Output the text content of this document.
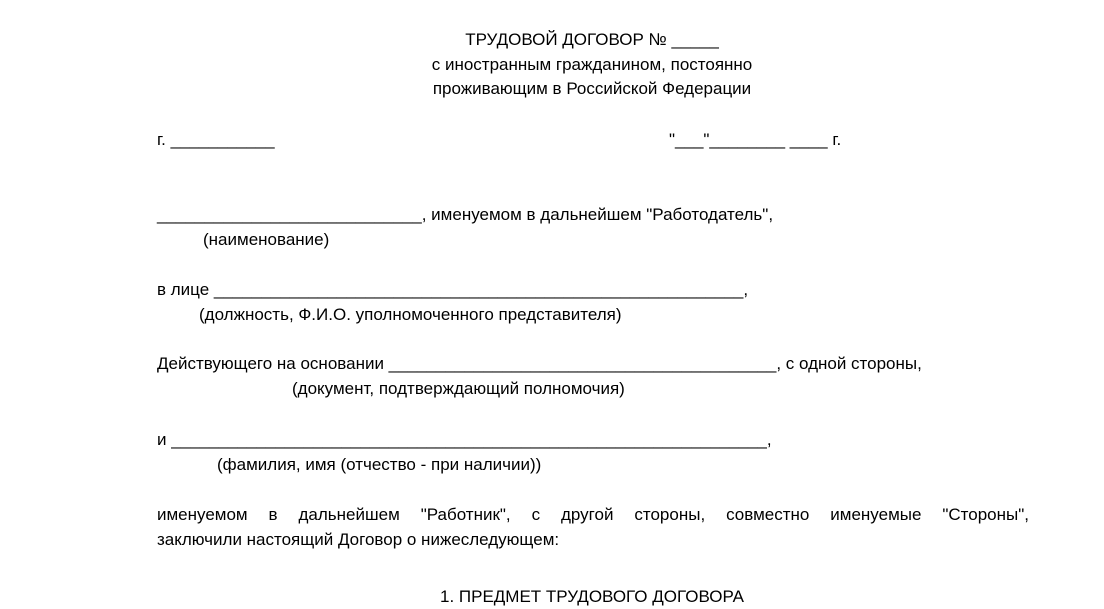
ТРУДОВОЙ ДОГОВОР № _____
с иностранным гражданином, постоянно
проживающим в Российской Федерации
г. ___________	"___"________ ____ г.
____________________________, именуемом в дальнейшем "Работодатель",
(наименование)
в лице ________________________________________________________,
(должность, Ф.И.О. уполномоченного представителя)
Действующего на основании _________________________________________, с одной стороны,
(документ, подтверждающий полномочия)
и _______________________________________________________________,
(фамилия, имя (отчество - при наличии))
именуемом в дальнейшем "Работник", с другой стороны, совместно именуемые "Стороны",
заключили настоящий Договор о нижеследующем:
1. ПРЕДМЕТ ТРУДОВОГО ДОГОВОРА
